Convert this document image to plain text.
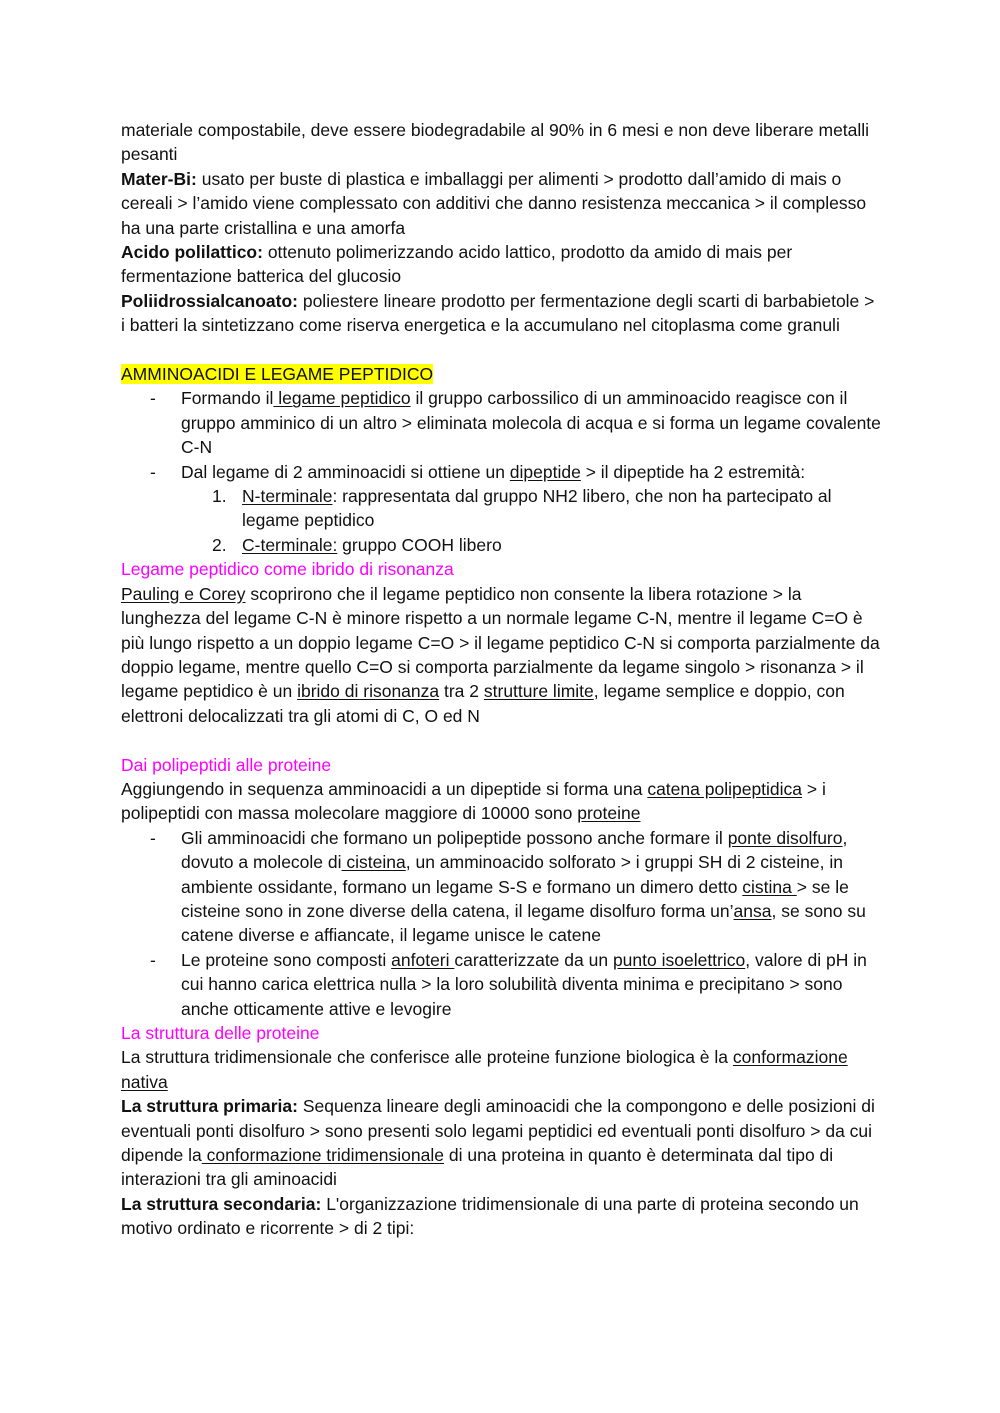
materiale compostabile, deve essere biodegradabile al 90% in 6 mesi e non deve liberare metalli pesanti

Mater-Bi: usato per buste di plastica e imballaggi per alimenti > prodotto dall’amido di mais o cereali > l’amido viene complessato con additivi che danno resistenza meccanica > il complesso ha una parte cristallina e una amorfa

Acido polilattico: ottenuto polimerizzando acido lattico, prodotto da amido di mais per fermentazione batterica del glucosio

Poliidrossialcanoato: poliestere lineare prodotto per fermentazione degli scarti di barbabietole > i batteri la sintetizzano come riserva energetica e la accumulano nel citoplasma come granuli

AMMINOACIDI E LEGAME PEPTIDICO

- Formando il legame peptidico il gruppo carbossilico di un amminoacido reagisce con il gruppo amminico di un altro > eliminata molecola di acqua e si forma un legame covalente C-N
- Dal legame di 2 amminoacidi si ottiene un dipeptide > il dipeptide ha 2 estremità:
1. N-terminale: rappresentata dal gruppo NH2 libero, che non ha partecipato al legame peptidico
2. C-terminale: gruppo COOH libero

Legame peptidico come ibrido di risonanza

Pauling e Corey scoprirono che il legame peptidico non consente la libera rotazione > la lunghezza del legame C-N è minore rispetto a un normale legame C-N, mentre il legame C=O è più lungo rispetto a un doppio legame C=O > il legame peptidico C-N si comporta parzialmente da doppio legame, mentre quello C=O si comporta parzialmente da legame singolo > risonanza > il legame peptidico è un ibrido di risonanza tra 2 strutture limite, legame semplice e doppio, con elettroni delocalizzati tra gli atomi di C, O ed N

Dai polipeptidi alle proteine

Aggiungendo in sequenza amminoacidi a un dipeptide si forma una catena polipeptidica > i polipeptidi con massa molecolare maggiore di 10000 sono proteine

- Gli amminoacidi che formano un polipeptide possono anche formare il ponte disolfuro, dovuto a molecole di cisteina, un amminoacido solforato > i gruppi SH di 2 cisteine, in ambiente ossidante, formano un legame S-S e formano un dimero detto cistina > se le cisteine sono in zone diverse della catena, il legame disolfuro forma un’ansa, se sono su catene diverse e affiancate, il legame unisce le catene
- Le proteine sono composti anfoteri caratterizzate da un punto isoelettrico, valore di pH in cui hanno carica elettrica nulla > la loro solubilità diventa minima e precipitano > sono anche otticamente attive e levogire

La struttura delle proteine

La struttura tridimensionale che conferisce alle proteine funzione biologica è la conformazione nativa

La struttura primaria: Sequenza lineare degli aminoacidi che la compongono e delle posizioni di eventuali ponti disolfuro > sono presenti solo legami peptidici ed eventuali ponti disolfuro > da cui dipende la conformazione tridimensionale di una proteina in quanto è determinata dal tipo di interazioni tra gli aminoacidi

La struttura secondaria: L'organizzazione tridimensionale di una parte di proteina secondo un motivo ordinato e ricorrente > di 2 tipi:
